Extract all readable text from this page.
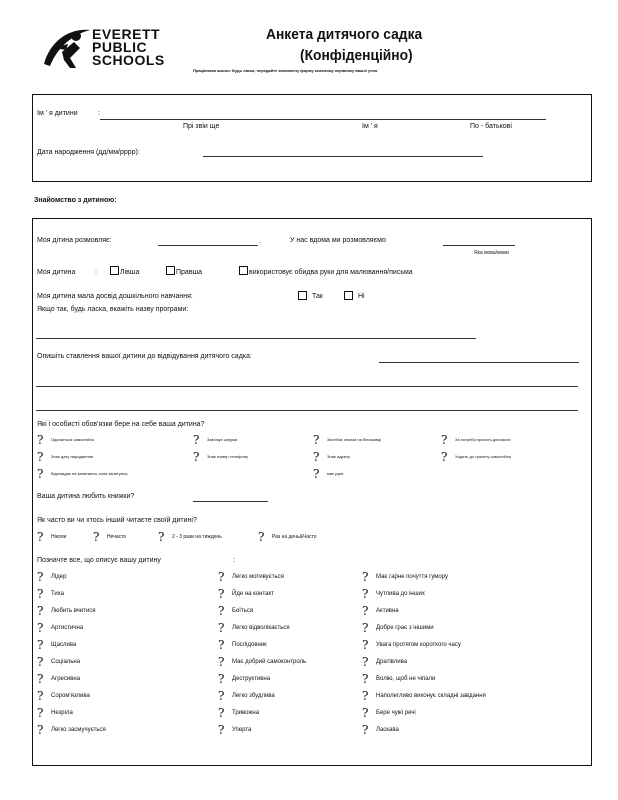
EVERETT
PUBLIC
SCHOOLS
Анкета дитячого садка
(Конфіденційно)
Працівники школи: Будь ласка, передайте заповнену форму класному керівнику вашої учня
Ім ' я дитини	:
Прі звіи ще	Ім ' я	По - батькові
Дата народження (дд/мм/рррр):
Знайомство з дитиною:
Моя дітина розмовляє:	.	У нас вдома ми розмовляємо
Яка мова/мови
Моя дитина	:	Лівша	Правша	використовує обидва руки для малювання/письма
Моя дитина мала досвід дошкільного навчання:	Так	Ні
Якщо так, будь ласка, вкажіть назву програми:
Опишіть ставлення вашої дитини до відвідування дитячого садка:
Які і особисті обов'язки бере на себе ваша дитина?
? Одягається самостійно
? Знає дату народження
? Відповідає на запитання, коли запитують
? Зав'язує шнурки
? Знає номер телефону
? Застібає кнопки на блискавці
? Знає адресу
? миє руки
? За потреби просить допомоги
? Ходить до туалету самостійно
Ваша дитина любить книжки?
Як часто ви чи хтось інший читаєте своїй дитині?
? Ніколи ? Нечасто	? 2 - 3 рази на тиждень	? Раз на день&Часто
Позначте все, що описує вашу дитину	:
? Лідер
? Тиха
? Любить вчитися
? Артистична
? Щаслива
? Соціальна
? Агресивна
? Сором'язлива
? Незріла
? Легко засмучується
? Легко мотивується
? Йде на контакт
? Боїться
? Легко відволікається
? Послідовник
? Має добрий самоконтроль
? Деструктивна
? Легко збудлива
? Тривожна
? Уперта
? Має гарне почуття гумору
? Чутлива до інших
? Активна
? Добре грає з іншими
? Увага протягом короткого часу
? Дратівлива
? Волію, щоб не чіпали
? Наполегливо виконує складні завдання
? Бере чужі речі
? Ласкава
